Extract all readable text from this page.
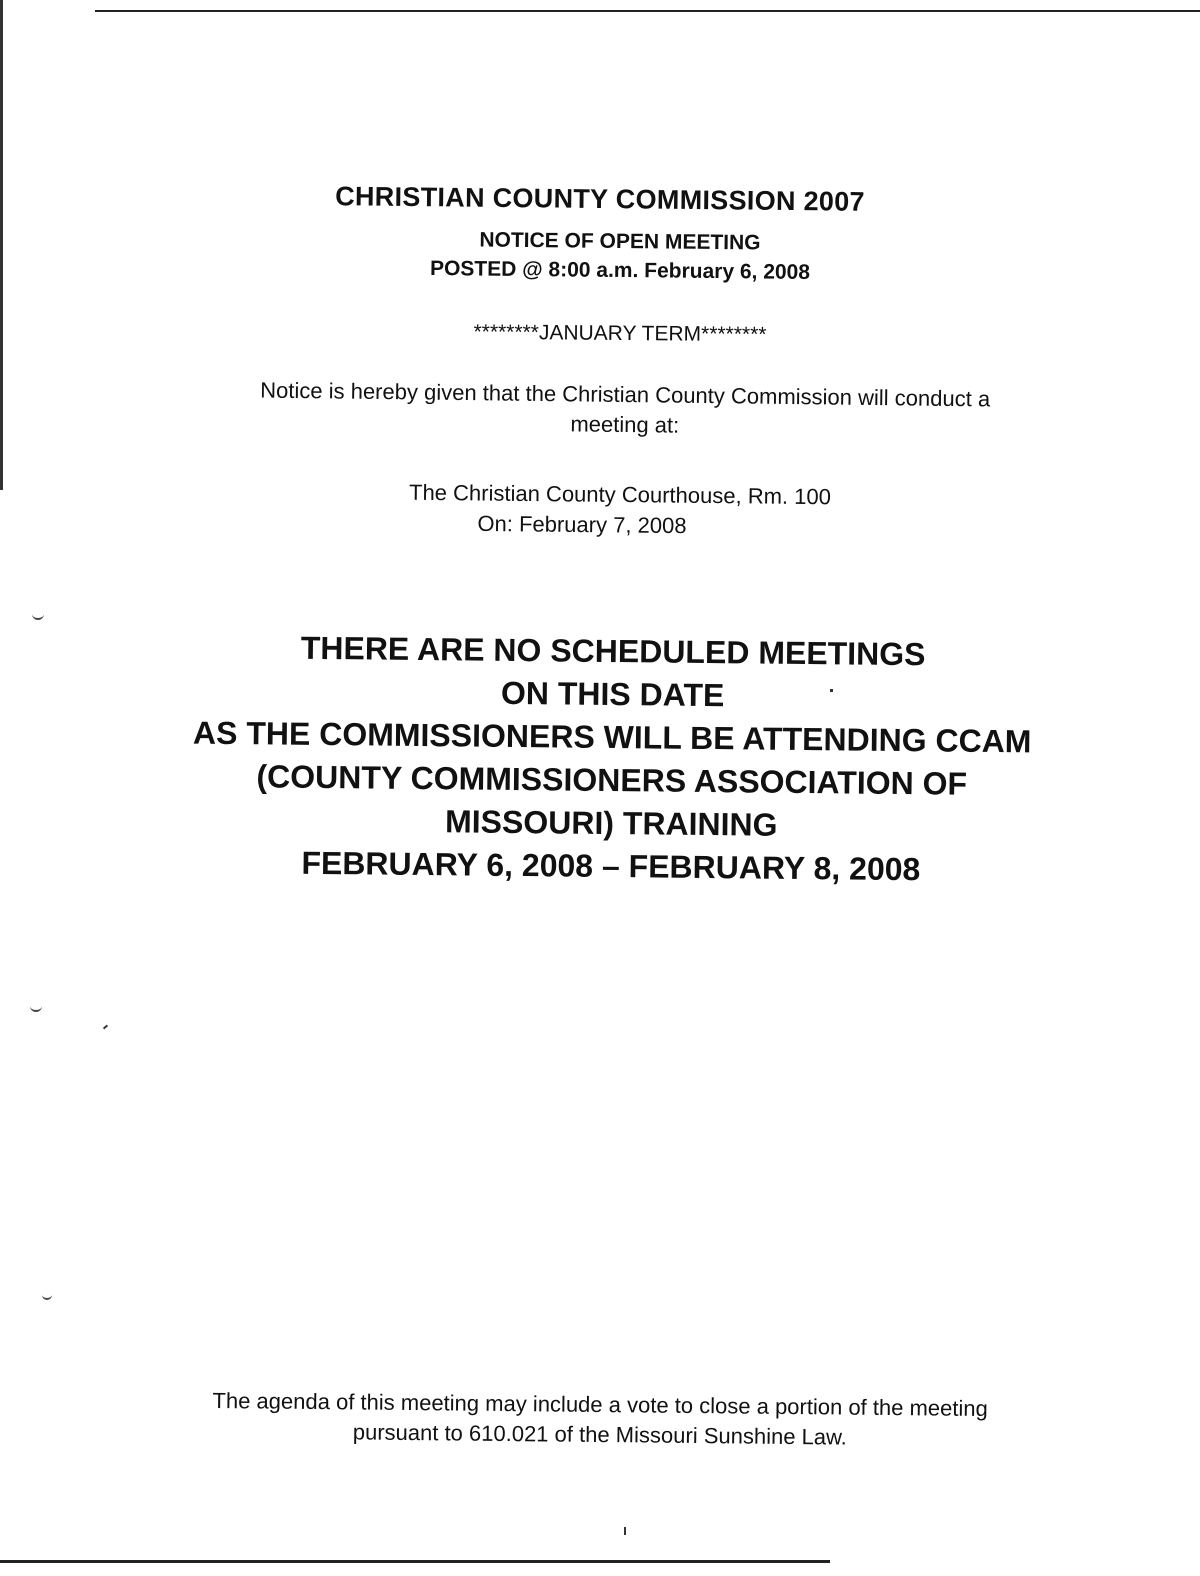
CHRISTIAN COUNTY COMMISSION 2007
NOTICE OF OPEN MEETING
POSTED @ 8:00 a.m. February 6, 2008
********JANUARY TERM********
Notice is hereby given that the Christian County Commission will conduct a
meeting at:
The Christian County Courthouse, Rm. 100
On: February 7, 2008
THERE ARE NO SCHEDULED MEETINGS
ON THIS DATE
AS THE COMMISSIONERS WILL BE ATTENDING CCAM
(COUNTY COMMISSIONERS ASSOCIATION OF
MISSOURI) TRAINING
FEBRUARY 6, 2008 – FEBRUARY 8, 2008
The agenda of this meeting may include a vote to close a portion of the meeting
pursuant to 610.021 of the Missouri Sunshine Law.
